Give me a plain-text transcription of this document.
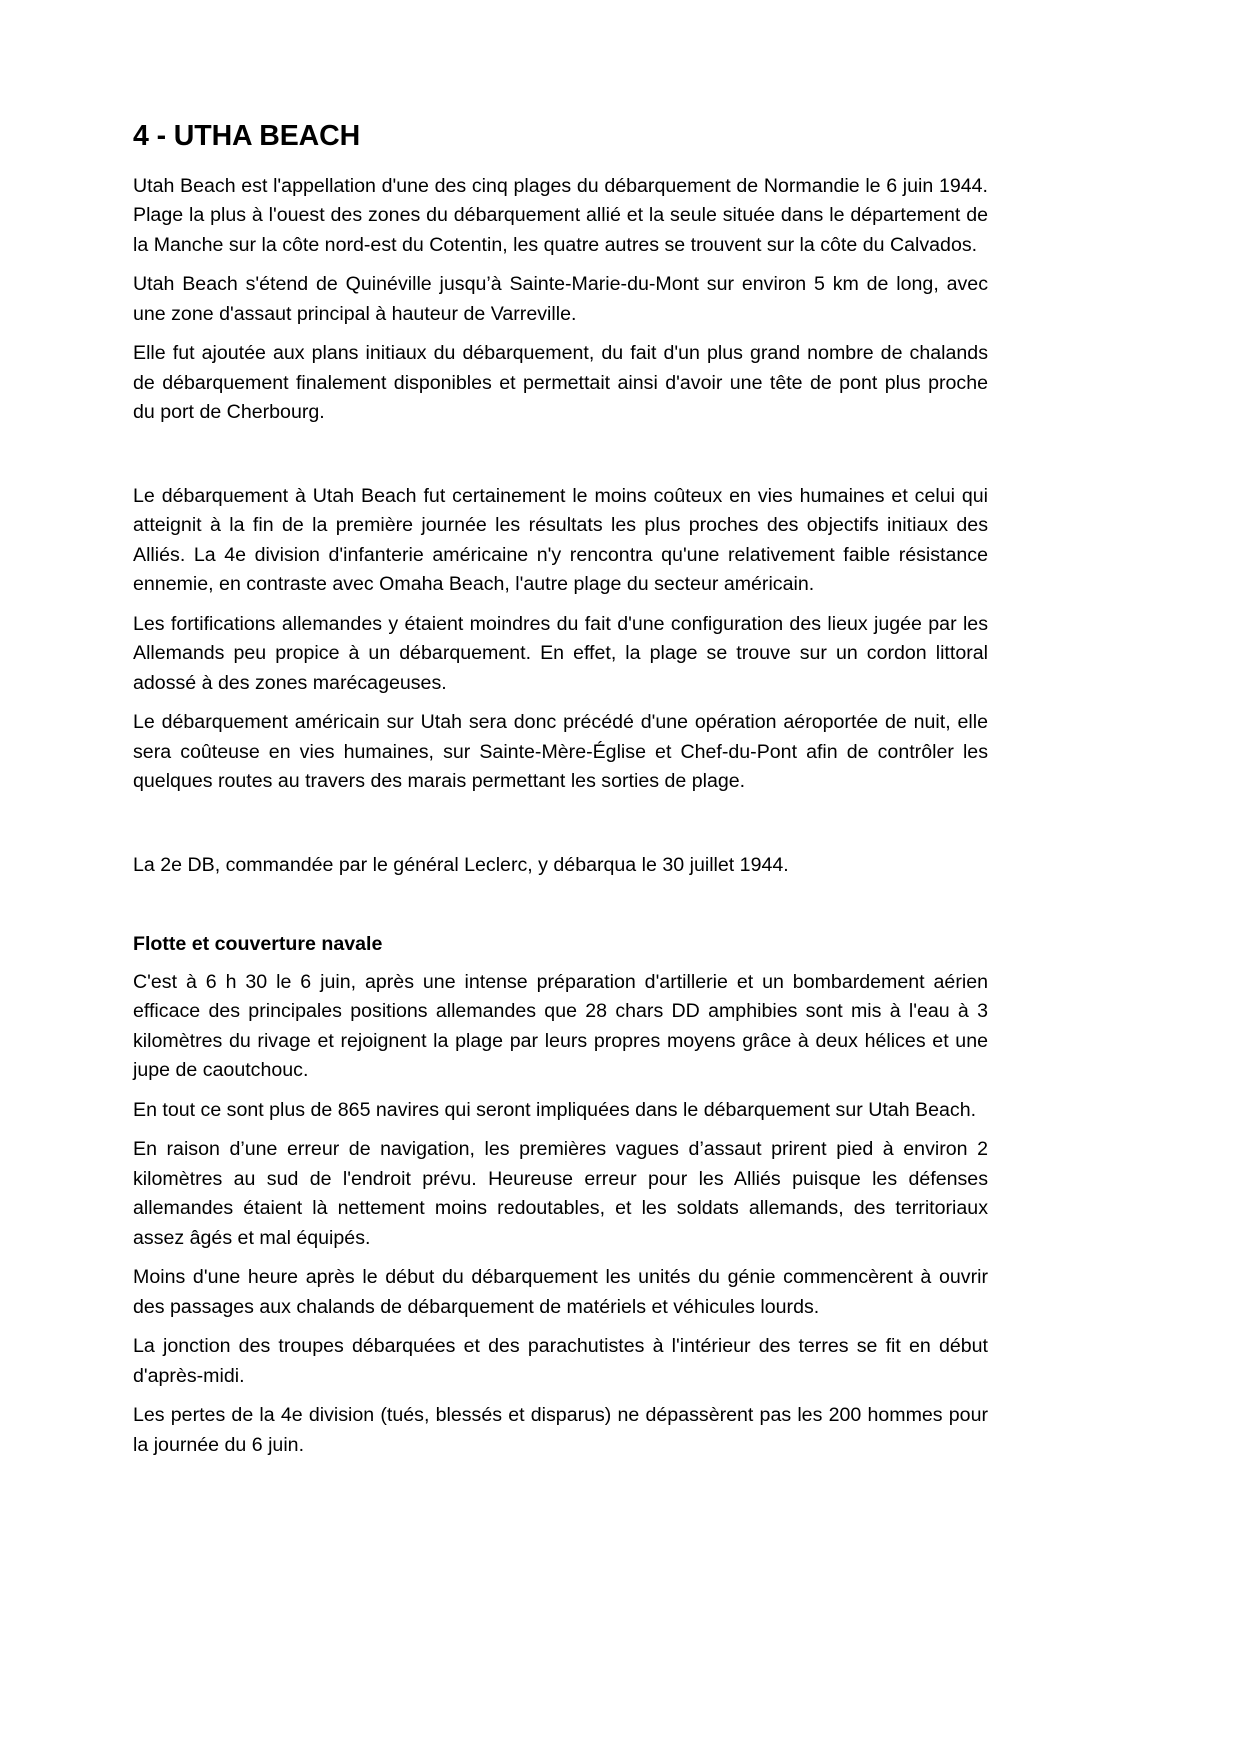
4 - UTHA BEACH

Utah Beach est l'appellation d'une des cinq plages du débarquement de Normandie le 6 juin 1944. Plage la plus à l'ouest des zones du débarquement allié et la seule située dans le département de la Manche sur la côte nord-est du Cotentin, les quatre autres se trouvent sur la côte du Calvados.

Utah Beach s'étend de Quinéville jusqu’à Sainte-Marie-du-Mont sur environ 5 km de long, avec une zone d'assaut principal à hauteur de Varreville.

Elle fut ajoutée aux plans initiaux du débarquement, du fait d'un plus grand nombre de chalands de débarquement finalement disponibles et permettait ainsi d'avoir une tête de pont plus proche du port de Cherbourg.

Le débarquement à Utah Beach fut certainement le moins coûteux en vies humaines et celui qui atteignit à la fin de la première journée les résultats les plus proches des objectifs initiaux des Alliés. La 4e division d'infanterie américaine n'y rencontra qu'une relativement faible résistance ennemie, en contraste avec Omaha Beach, l'autre plage du secteur américain.

Les fortifications allemandes y étaient moindres du fait d'une configuration des lieux jugée par les Allemands peu propice à un débarquement. En effet, la plage se trouve sur un cordon littoral adossé à des zones marécageuses.

Le débarquement américain sur Utah sera donc précédé d'une opération aéroportée de nuit, elle sera coûteuse en vies humaines, sur Sainte-Mère-Église et Chef-du-Pont afin de contrôler les quelques routes au travers des marais permettant les sorties de plage.

La 2e DB, commandée par le général Leclerc, y débarqua le 30 juillet 1944.

Flotte et couverture navale

C'est à 6 h 30 le 6 juin, après une intense préparation d'artillerie et un bombardement aérien efficace des principales positions allemandes que 28 chars DD amphibies sont mis à l'eau à 3 kilomètres du rivage et rejoignent la plage par leurs propres moyens grâce à deux hélices et une jupe de caoutchouc.

En tout ce sont plus de 865 navires qui seront impliquées dans le débarquement sur Utah Beach.

En raison d’une erreur de navigation, les premières vagues d’assaut prirent pied à environ 2 kilomètres au sud de l'endroit prévu. Heureuse erreur pour les Alliés puisque les défenses allemandes étaient là nettement moins redoutables, et les soldats allemands, des territoriaux assez âgés et mal équipés.

Moins d'une heure après le début du débarquement les unités du génie commencèrent à ouvrir des passages aux chalands de débarquement de matériels et véhicules lourds.

La jonction des troupes débarquées et des parachutistes à l'intérieur des terres se fit en début d'après-midi.

Les pertes de la 4e division (tués, blessés et disparus) ne dépassèrent pas les 200 hommes pour la journée du 6 juin.
